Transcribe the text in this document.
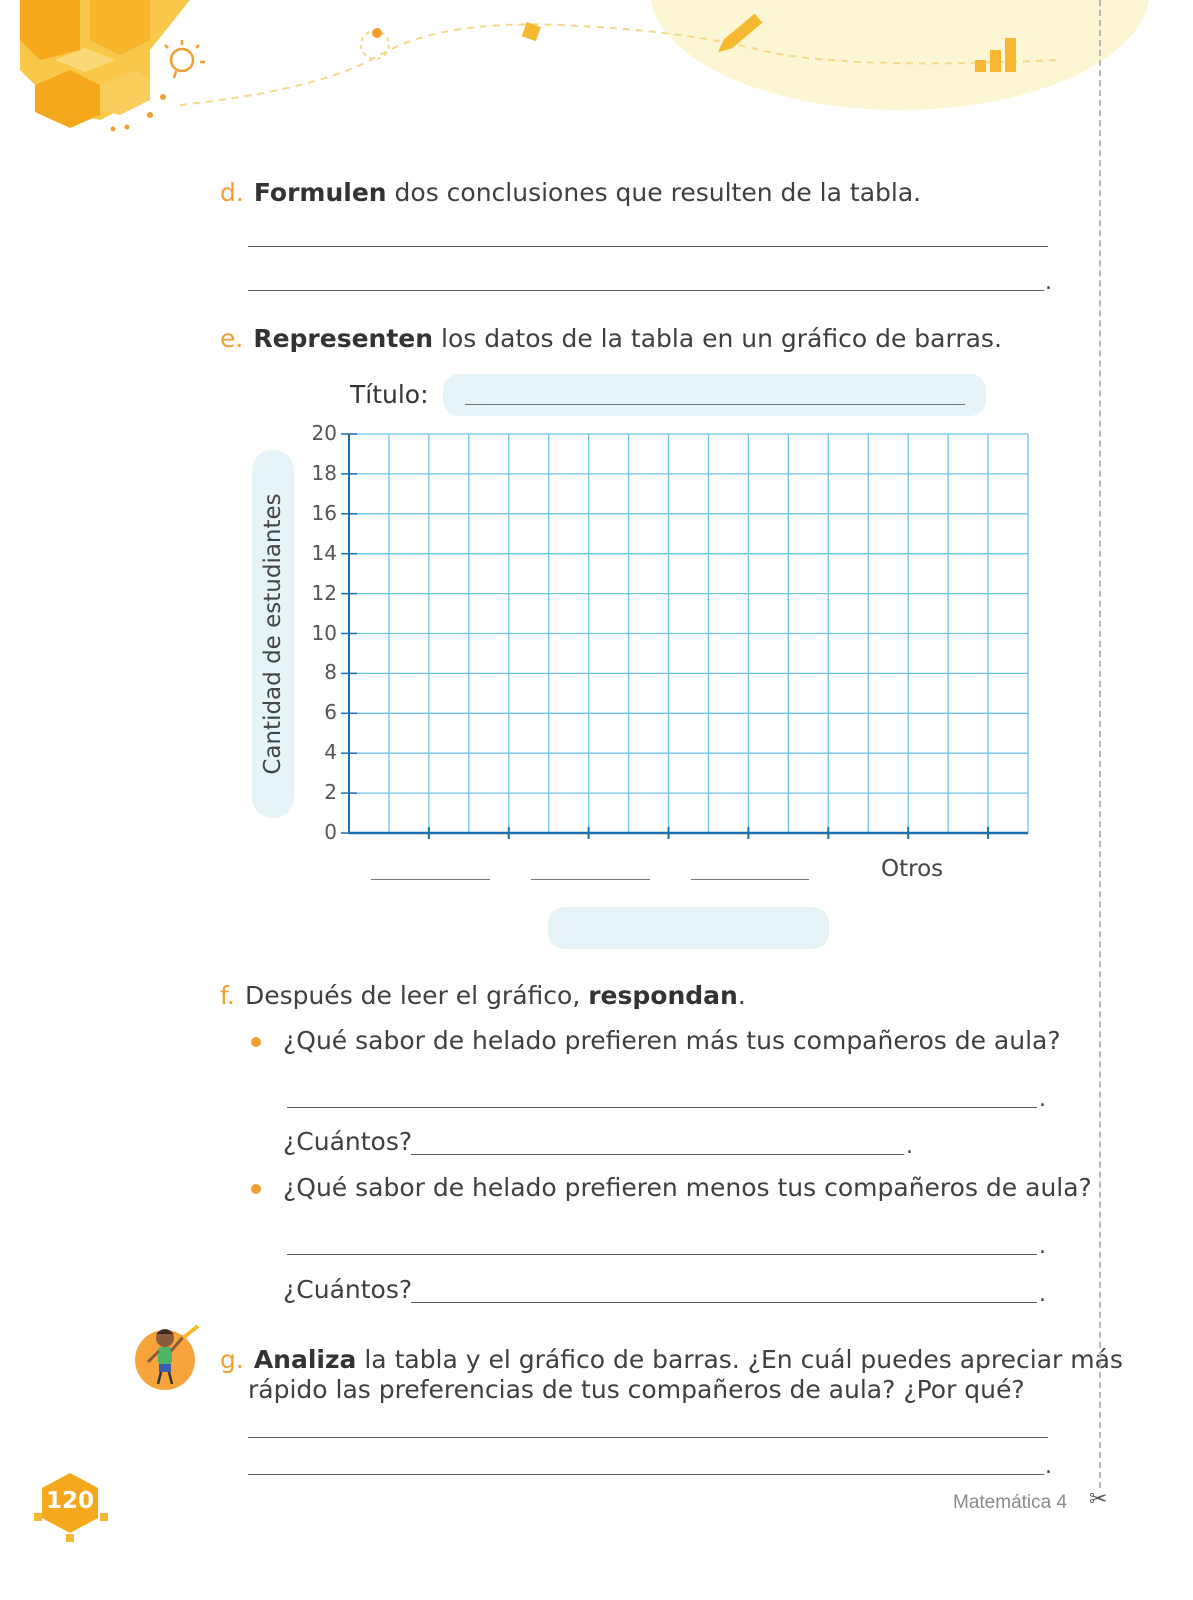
d. Formulen dos conclusiones que resulten de la tabla.
.
e. Representen los datos de la tabla en un gráfico de barras.
Título:
Cantidad de estudiantes
0
2
4
6
8
10
12
14
16
18
20
Otros
f. Después de leer el gráfico, respondan.
¿Qué sabor de helado prefieren más tus compañeros de aula?
.
¿Cuántos?	.
¿Qué sabor de helado prefieren menos tus compañeros de aula?
.
¿Cuántos?	.
g. Analiza la tabla y el gráfico de barras. ¿En cuál puedes apreciar más
rápido las preferencias de tus compañeros de aula? ¿Por qué?
.
120	Matemática 4 ✂
